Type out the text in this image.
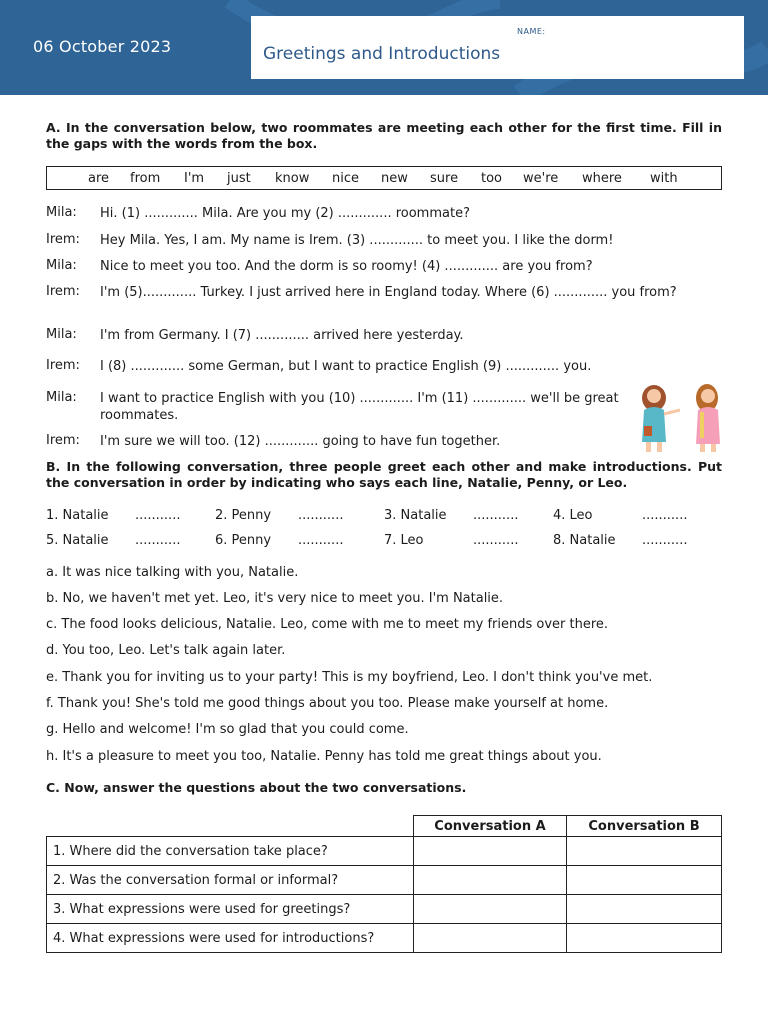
06 October 2023
NAME:
Greetings and Introductions
A. In the conversation below, two roommates are meeting each other for the first time. Fill in the gaps with the words from the box.
are from I'm just know nice new sure too we're where with
Mila: Hi. (1) ............. Mila. Are you my (2) ............. roommate?
Irem: Hey Mila. Yes, I am. My name is Irem. (3) ............. to meet you. I like the dorm!
Mila: Nice to meet you too. And the dorm is so roomy! (4) ............. are you from?
Irem: I'm (5)............. Turkey. I just arrived here in England today. Where (6) ............. you from?
Mila: I'm from Germany. I (7) ............. arrived here yesterday.
Irem: I (8) ............. some German, but I want to practice English (9) ............. you.
Mila: I want to practice English with you (10) ............. I'm (11) ............. we'll be great roommates.
Irem: I'm sure we will too. (12) ............. going to have fun together.
B. In the following conversation, three people greet each other and make introductions. Put the conversation in order by indicating who says each line, Natalie, Penny, or Leo.
1. Natalie ...........	2. Penny ...........	3. Natalie ...........	4. Leo	...........
5. Natalie ...........	6. Penny ...........	7. Leo	...........	8. Natalie ...........
a. It was nice talking with you, Natalie.
b. No, we haven't met yet. Leo, it's very nice to meet you. I'm Natalie.
c. The food looks delicious, Natalie. Leo, come with me to meet my friends over there.
d. You too, Leo. Let's talk again later.
e. Thank you for inviting us to your party! This is my boyfriend, Leo. I don't think you've met.
f. Thank you! She's told me good things about you too. Please make yourself at home.
g. Hello and welcome! I'm so glad that you could come.
h. It's a pleasure to meet you too, Natalie. Penny has told me great things about you.
C. Now, answer the questions about the two conversations.
	Conversation A	Conversation B
1. Where did the conversation take place?		
2. Was the conversation formal or informal?		
3. What expressions were used for greetings?		
4. What expressions were used for introductions?		
